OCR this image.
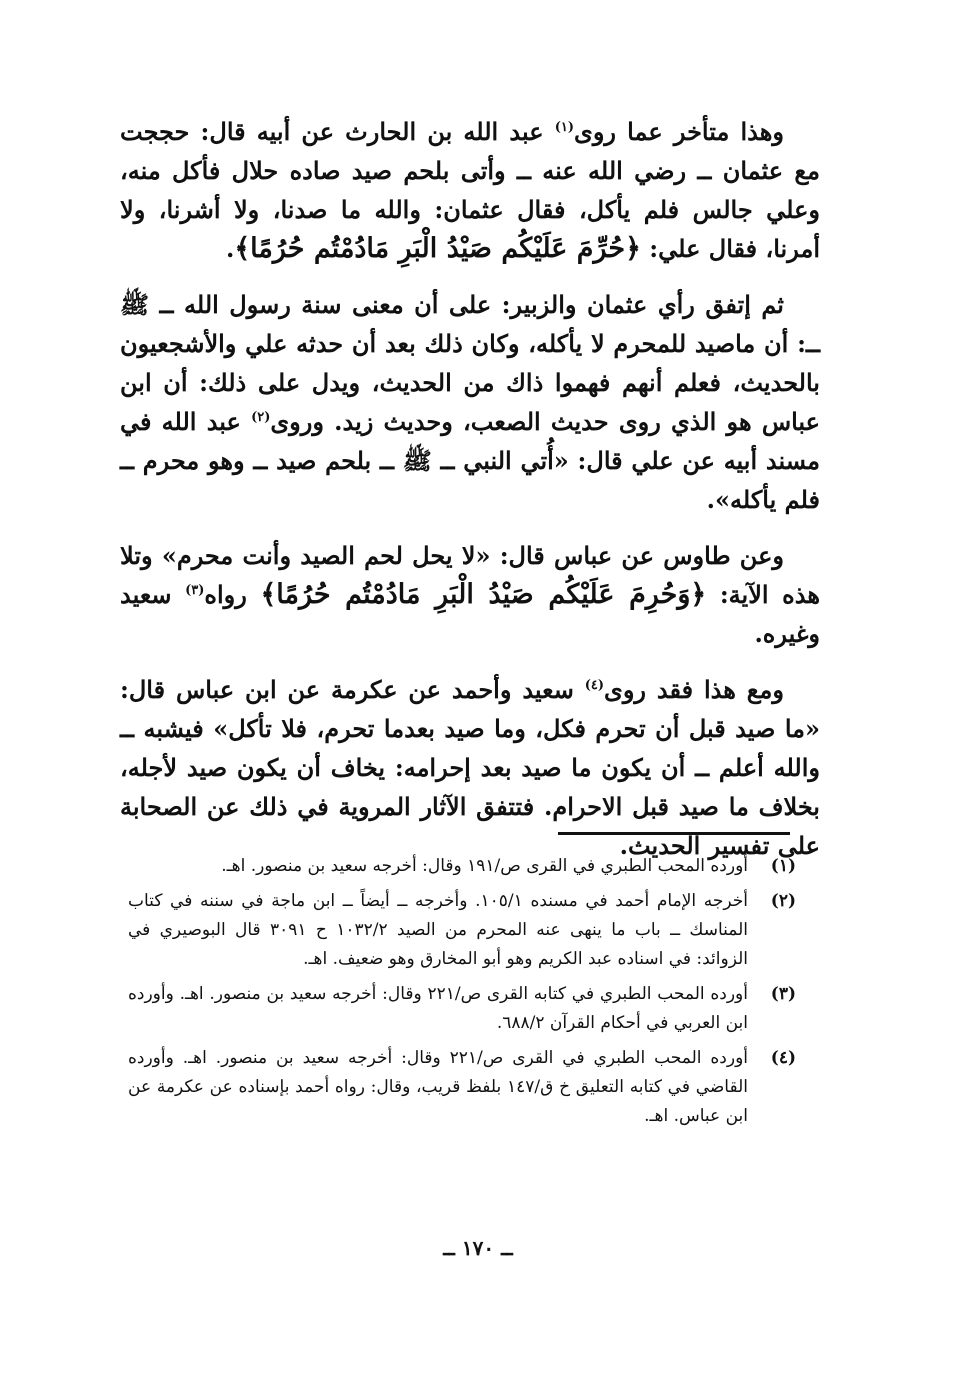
وهذا متأخر عما روى$^{(١)}$ عبد الله بن الحارث عن أبيه قال: حججت مع عثمان ــ رضي الله عنه ــ وأتى بلحم صيد صاده حلال فأكل منه، وعلي جالس فلم يأكل، فقال عثمان: والله ما صدنا، ولا أشرنا، ولا أمرنا، فقال علي: ﴿حُرِّمَ عَلَيْكُم صَيْدُ الْبَرِ مَادُمْتُم حُرُمًا﴾.

ثم إتفق رأي عثمان والزبير: على أن معنى سنة رسول الله ــ ﷺ ــ: أن ماصيد للمحرم لا يأكله، وكان ذلك بعد أن حدثه علي والأشجعيون بالحديث، فعلم أنهم فهموا ذاك من الحديث، ويدل على ذلك: أن ابن عباس هو الذي روى حديث الصعب، وحديث زيد. وروى$^{(٢)}$ عبد الله في مسند أبيه عن علي قال: «أُتي النبي ــ ﷺ ــ بلحم صيد ــ وهو محرم ــ فلم يأكله».

وعن طاوس عن عباس قال: «لا يحل لحم الصيد وأنت محرم» وتلا هذه الآية: ﴿وَحُرِمَ عَلَيْكُم صَيْدُ الْبَرِ مَادُمْتُم حُرُمًا﴾ رواه$^{(٣)}$ سعيد وغيره.

ومع هذا فقد روى$^{(٤)}$ سعيد وأحمد عن عكرمة عن ابن عباس قال: «ما صيد قبل أن تحرم فكل، وما صيد بعدما تحرم، فلا تأكل» فيشبه ــ والله أعلم ــ أن يكون ما صيد بعد إحرامه: يخاف أن يكون صيد لأجله، بخلاف ما صيد قبل الاحرام. فتتفق الآثار المروية في ذلك عن الصحابة على تفسير الحديث.

(١)
أورده المحب الطبري في القرى ص/١٩١ وقال: أخرجه سعيد بن منصور. اهـ.
(٢)
أخرجه الإمام أحمد في مسنده ١٠٥/١. وأخرجه ــ أيضاً ــ ابن ماجة في سننه في كتاب المناسك ــ باب ما ينهى عنه المحرم من الصيد ١٠٣٢/٢ ح ٣٠٩١ قال البوصيري في الزوائد: في اسناده عبد الكريم وهو أبو المخارق وهو ضعيف. اهـ.
(٣)
أورده المحب الطبري في كتابه القرى ص/٢٢١ وقال: أخرجه سعيد بن منصور. اهـ. وأورده ابن العربي في أحكام القرآن ٦٨٨/٢.
(٤)
أورده المحب الطبري في القرى ص/٢٢١ وقال: أخرجه سعيد بن منصور. اهـ. وأورده القاضي في كتابه التعليق خ ق/١٤٧ بلفظ قريب، وقال: رواه أحمد بإسناده عن عكرمة عن ابن عباس. اهـ.
ــ ١٧٠ ــ
